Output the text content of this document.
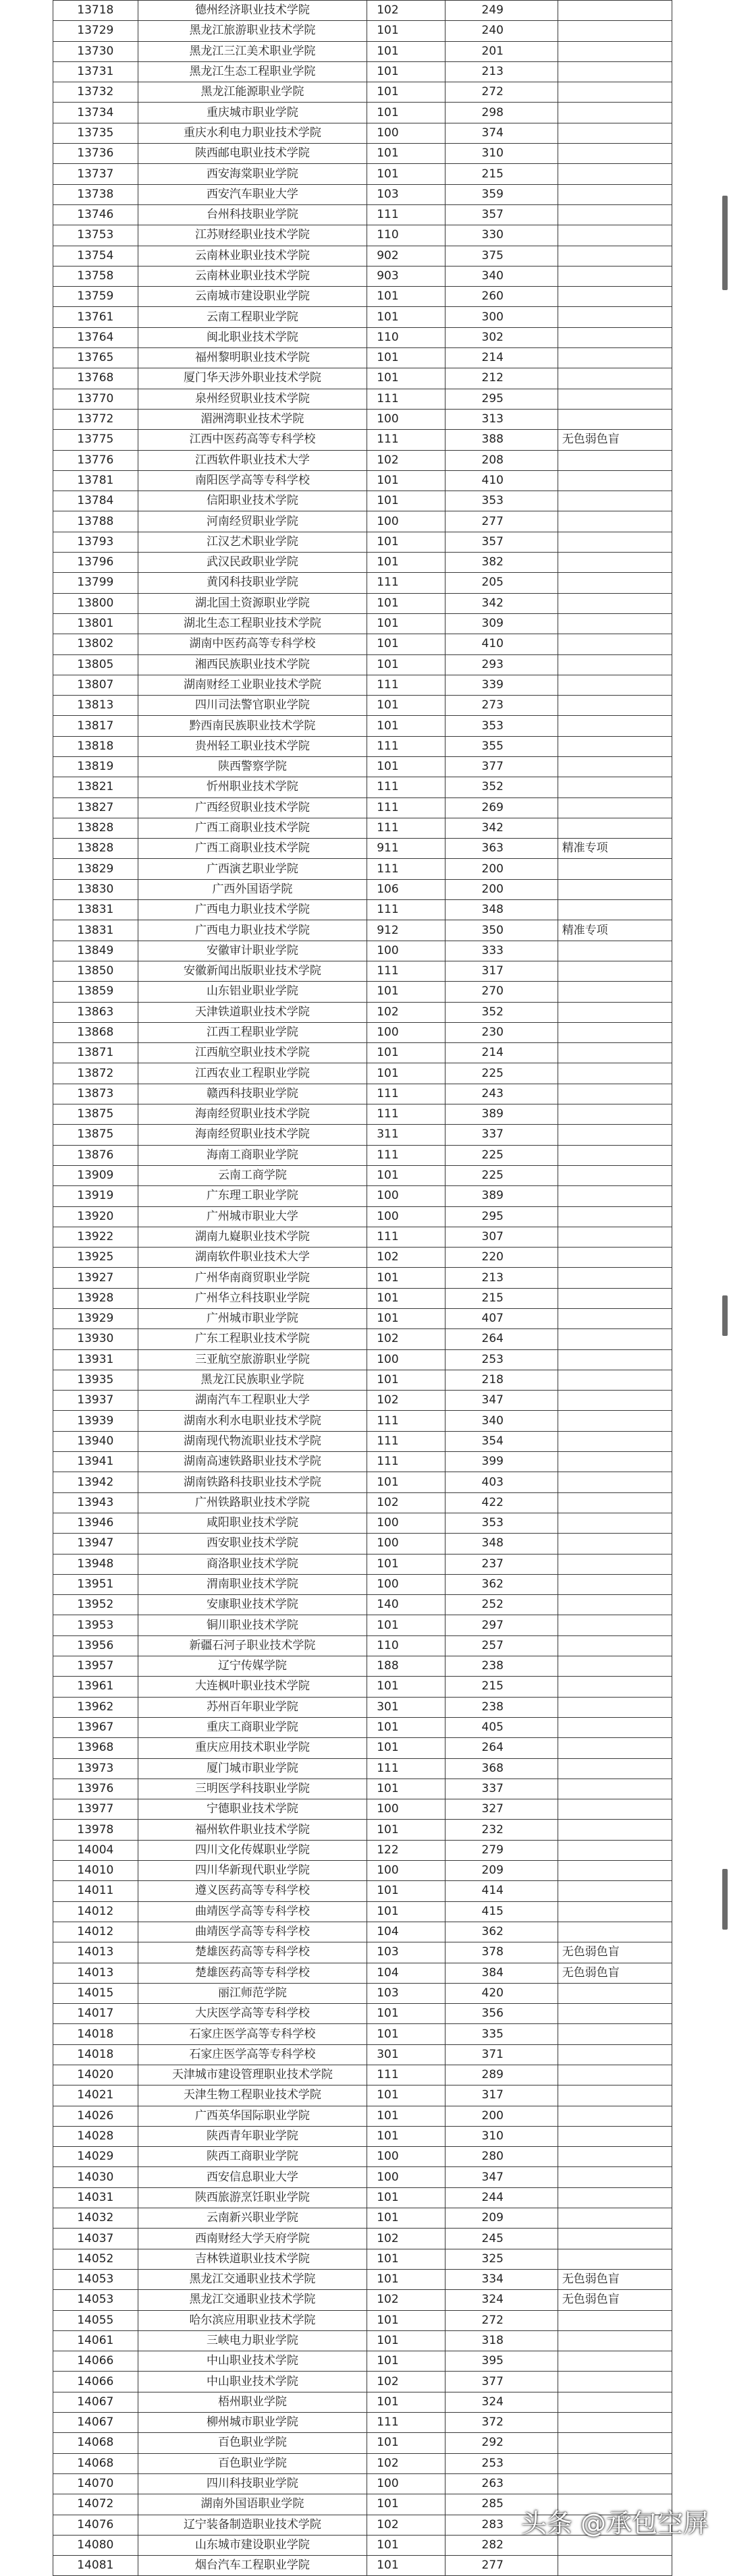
13718	德州经济职业技术学院	102	249	
13729	黑龙江旅游职业技术学院	101	240	
13730	黑龙江三江美术职业学院	101	201	
13731	黑龙江生态工程职业学院	101	213	
13732	黑龙江能源职业学院	101	272	
13734	重庆城市职业学院	101	298	
13735	重庆水利电力职业技术学院	100	374	
13736	陕西邮电职业技术学院	101	310	
13737	西安海棠职业学院	101	215	
13738	西安汽车职业大学	103	359	
13746	台州科技职业学院	111	357	
13753	江苏财经职业技术学院	110	330	
13754	云南林业职业技术学院	902	375	
13758	云南林业职业技术学院	903	340	
13759	云南城市建设职业学院	101	260	
13761	云南工程职业学院	101	300	
13764	闽北职业技术学院	110	302	
13765	福州黎明职业技术学院	101	214	
13768	厦门华天涉外职业技术学院	101	212	
13770	泉州经贸职业技术学院	111	295	
13772	湄洲湾职业技术学院	100	313	
13775	江西中医药高等专科学校	111	388	无色弱色盲
13776	江西软件职业技术大学	102	208	
13781	南阳医学高等专科学校	101	410	
13784	信阳职业技术学院	101	353	
13788	河南经贸职业学院	100	277	
13793	江汉艺术职业学院	101	357	
13796	武汉民政职业学院	101	382	
13799	黄冈科技职业学院	111	205	
13800	湖北国土资源职业学院	101	342	
13801	湖北生态工程职业技术学院	101	309	
13802	湖南中医药高等专科学校	101	410	
13805	湘西民族职业技术学院	101	293	
13807	湖南财经工业职业技术学院	111	339	
13813	四川司法警官职业学院	101	273	
13817	黔西南民族职业技术学院	101	353	
13818	贵州轻工职业技术学院	111	355	
13819	陕西警察学院	101	377	
13821	忻州职业技术学院	111	352	
13827	广西经贸职业技术学院	111	269	
13828	广西工商职业技术学院	111	342	
13828	广西工商职业技术学院	911	363	精准专项
13829	广西演艺职业学院	111	200	
13830	广西外国语学院	106	200	
13831	广西电力职业技术学院	111	348	
13831	广西电力职业技术学院	912	350	精准专项
13849	安徽审计职业学院	100	333	
13850	安徽新闻出版职业技术学院	111	317	
13859	山东铝业职业学院	101	270	
13863	天津铁道职业技术学院	102	352	
13868	江西工程职业学院	100	230	
13871	江西航空职业技术学院	101	214	
13872	江西农业工程职业学院	101	225	
13873	赣西科技职业学院	111	243	
13875	海南经贸职业技术学院	111	389	
13875	海南经贸职业技术学院	311	337	
13876	海南工商职业学院	111	225	
13909	云南工商学院	101	225	
13919	广东理工职业学院	100	389	
13920	广州城市职业大学	100	295	
13922	湖南九嶷职业技术学院	111	307	
13925	湖南软件职业技术大学	102	220	
13927	广州华南商贸职业学院	101	213	
13928	广州华立科技职业学院	101	215	
13929	广州城市职业学院	101	407	
13930	广东工程职业技术学院	102	264	
13931	三亚航空旅游职业学院	100	253	
13935	黑龙江民族职业学院	101	218	
13937	湖南汽车工程职业大学	102	347	
13939	湖南水利水电职业技术学院	111	340	
13940	湖南现代物流职业技术学院	111	354	
13941	湖南高速铁路职业技术学院	111	399	
13942	湖南铁路科技职业技术学院	101	403	
13943	广州铁路职业技术学院	102	422	
13946	咸阳职业技术学院	100	353	
13947	西安职业技术学院	100	348	
13948	商洛职业技术学院	101	237	
13951	渭南职业技术学院	100	362	
13952	安康职业技术学院	140	252	
13953	铜川职业技术学院	101	297	
13956	新疆石河子职业技术学院	110	257	
13957	辽宁传媒学院	188	238	
13961	大连枫叶职业技术学院	101	215	
13962	苏州百年职业学院	301	238	
13967	重庆工商职业学院	101	405	
13968	重庆应用技术职业学院	101	264	
13973	厦门城市职业学院	111	368	
13976	三明医学科技职业学院	101	337	
13977	宁德职业技术学院	100	327	
13978	福州软件职业技术学院	101	232	
14004	四川文化传媒职业学院	122	279	
14010	四川华新现代职业学院	100	209	
14011	遵义医药高等专科学校	101	414	
14012	曲靖医学高等专科学校	101	415	
14012	曲靖医学高等专科学校	104	362	
14013	楚雄医药高等专科学校	103	378	无色弱色盲
14013	楚雄医药高等专科学校	104	384	无色弱色盲
14015	丽江师范学院	103	420	
14017	大庆医学高等专科学校	101	356	
14018	石家庄医学高等专科学校	101	335	
14018	石家庄医学高等专科学校	301	371	
14020	天津城市建设管理职业技术学院	111	289	
14021	天津生物工程职业技术学院	101	317	
14026	广西英华国际职业学院	101	200	
14028	陕西青年职业学院	101	310	
14029	陕西工商职业学院	100	280	
14030	西安信息职业大学	100	347	
14031	陕西旅游烹饪职业学院	101	244	
14032	云南新兴职业学院	101	209	
14037	西南财经大学天府学院	102	245	
14052	吉林铁道职业技术学院	101	325	
14053	黑龙江交通职业技术学院	101	334	无色弱色盲
14053	黑龙江交通职业技术学院	102	324	无色弱色盲
14055	哈尔滨应用职业技术学院	101	272	
14061	三峡电力职业学院	101	318	
14066	中山职业技术学院	101	395	
14066	中山职业技术学院	102	377	
14067	梧州职业学院	101	324	
14067	柳州城市职业学院	111	372	
14068	百色职业学院	101	292	
14068	百色职业学院	102	253	
14070	四川科技职业学院	100	263	
14072	湖南外国语职业学院	101	285	
14076	辽宁装备制造职业技术学院	102	283	
14080	山东城市建设职业学院	101	282	
14081	烟台汽车工程职业学院	101	277	
头条 @承包空屏
